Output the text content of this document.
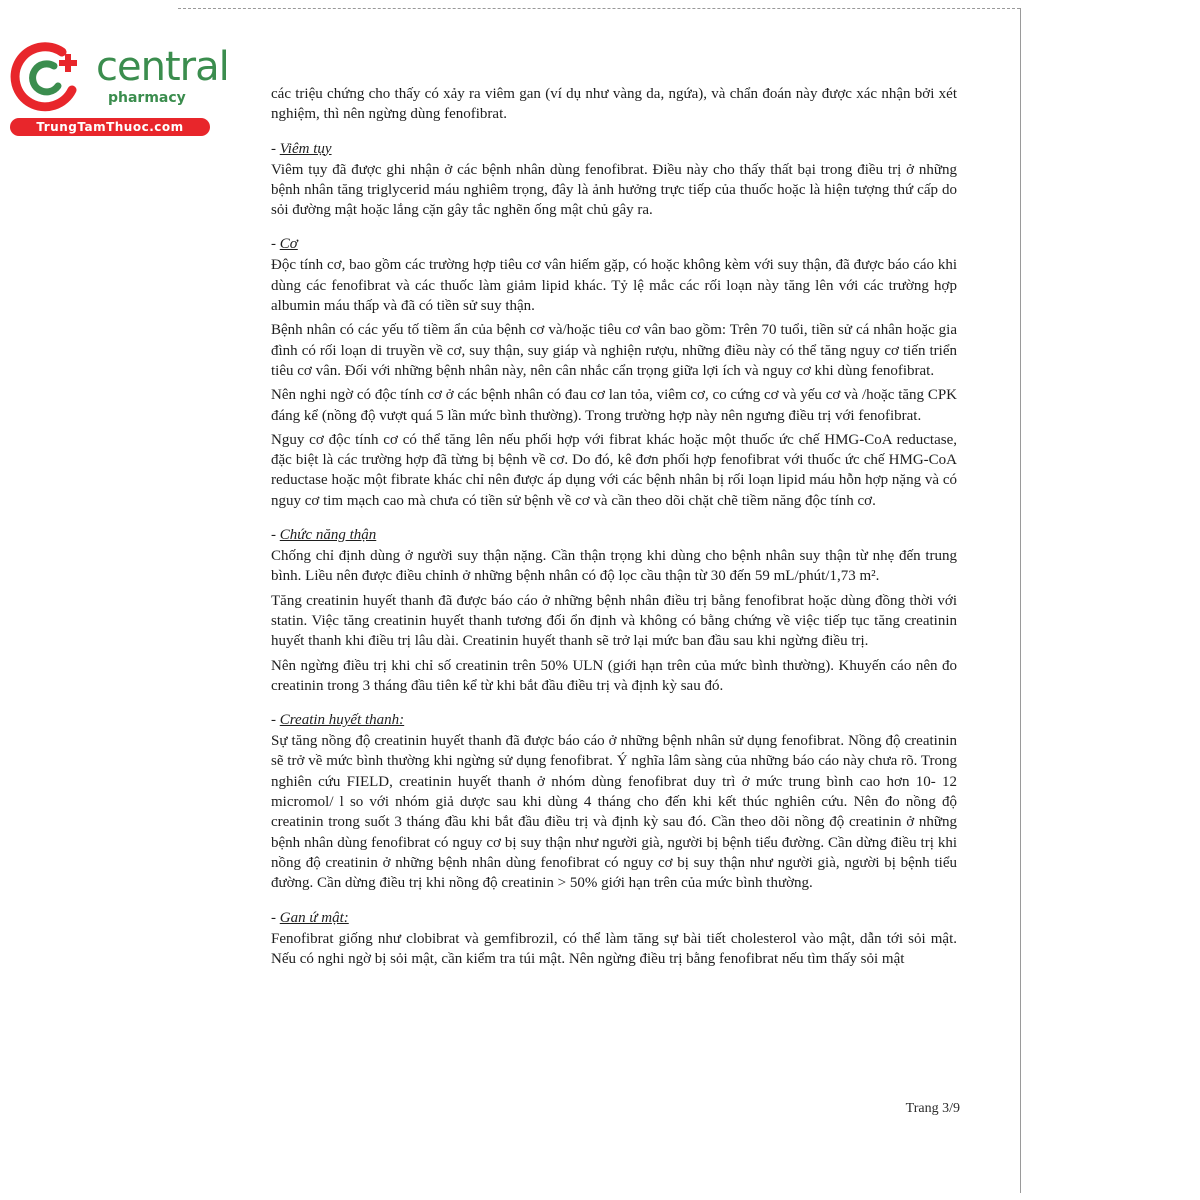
central
pharmacy
TrungTamThuoc.com

các triệu chứng cho thấy có xảy ra viêm gan (ví dụ như vàng da, ngứa), và chẩn đoán này được xác nhận bởi xét nghiệm, thì nên ngừng dùng fenofibrat.

- Viêm tụy

Viêm tụy đã được ghi nhận ở các bệnh nhân dùng fenofibrat. Điều này cho thấy thất bại trong điều trị ở những bệnh nhân tăng triglycerid máu nghiêm trọng, đây là ảnh hưởng trực tiếp của thuốc hoặc là hiện tượng thứ cấp do sỏi đường mật hoặc lắng cặn gây tắc nghẽn ống mật chủ gây ra.

- Cơ

Độc tính cơ, bao gồm các trường hợp tiêu cơ vân hiếm gặp, có hoặc không kèm với suy thận, đã được báo cáo khi dùng các fenofibrat và các thuốc làm giảm lipid khác. Tỷ lệ mắc các rối loạn này tăng lên với các trường hợp albumin máu thấp và đã có tiền sử suy thận.

Bệnh nhân có các yếu tố tiềm ẩn của bệnh cơ và/hoặc tiêu cơ vân bao gồm: Trên 70 tuổi, tiền sử cá nhân hoặc gia đình có rối loạn di truyền về cơ, suy thận, suy giáp và nghiện rượu, những điều này có thể tăng nguy cơ tiến triển tiêu cơ vân. Đối với những bệnh nhân này, nên cân nhắc cẩn trọng giữa lợi ích và nguy cơ khi dùng fenofibrat.

Nên nghi ngờ có độc tính cơ ở các bệnh nhân có đau cơ lan tỏa, viêm cơ, co cứng cơ và yếu cơ và /hoặc tăng CPK đáng kể (nồng độ vượt quá 5 lần mức bình thường). Trong trường hợp này nên ngưng điều trị với fenofibrat.

Nguy cơ độc tính cơ có thể tăng lên nếu phối hợp với fibrat khác hoặc một thuốc ức chế HMG-CoA reductase, đặc biệt là các trường hợp đã từng bị bệnh về cơ. Do đó, kê đơn phối hợp fenofibrat với thuốc ức chế HMG-CoA reductase hoặc một fibrate khác chỉ nên được áp dụng với các bệnh nhân bị rối loạn lipid máu hỗn hợp nặng và có nguy cơ tim mạch cao mà chưa có tiền sử bệnh về cơ và cần theo dõi chặt chẽ tiềm năng độc tính cơ.

- Chức năng thận

Chống chỉ định dùng ở người suy thận nặng. Cần thận trọng khi dùng cho bệnh nhân suy thận từ nhẹ đến trung bình. Liều nên được điều chỉnh ở những bệnh nhân có độ lọc cầu thận từ 30 đến 59 mL/phút/1,73 m².

Tăng creatinin huyết thanh đã được báo cáo ở những bệnh nhân điều trị bằng fenofibrat hoặc dùng đồng thời với statin. Việc tăng creatinin huyết thanh tương đối ổn định và không có bằng chứng về việc tiếp tục tăng creatinin huyết thanh khi điều trị lâu dài. Creatinin huyết thanh sẽ trở lại mức ban đầu sau khi ngừng điều trị.

Nên ngừng điều trị khi chỉ số creatinin trên 50% ULN (giới hạn trên của mức bình thường). Khuyến cáo nên đo creatinin trong 3 tháng đầu tiên kể từ khi bắt đầu điều trị và định kỳ sau đó.

- Creatin huyết thanh:

Sự tăng nồng độ creatinin huyết thanh đã được báo cáo ở những bệnh nhân sử dụng fenofibrat. Nồng độ creatinin sẽ trở về mức bình thường khi ngừng sử dụng fenofibrat. Ý nghĩa lâm sàng của những báo cáo này chưa rõ. Trong nghiên cứu FIELD, creatinin huyết thanh ở nhóm dùng fenofibrat duy trì ở mức trung bình cao hơn 10- 12 micromol/ l so với nhóm giả dược sau khi dùng 4 tháng cho đến khi kết thúc nghiên cứu. Nên đo nồng độ creatinin trong suốt 3 tháng đầu khi bắt đầu điều trị và định kỳ sau đó. Cần theo dõi nồng độ creatinin ở những bệnh nhân dùng fenofibrat có nguy cơ bị suy thận như người già, người bị bệnh tiểu đường. Cần dừng điều trị khi nồng độ creatinin ở những bệnh nhân dùng fenofibrat có nguy cơ bị suy thận như người già, người bị bệnh tiểu đường. Cần dừng điều trị khi nồng độ creatinin > 50% giới hạn trên của mức bình thường.

- Gan ứ mật:

Fenofibrat giống như clobibrat và gemfibrozil, có thể làm tăng sự bài tiết cholesterol vào mật, dẫn tới sỏi mật. Nếu có nghi ngờ bị sỏi mật, cần kiểm tra túi mật. Nên ngừng điều trị bằng fenofibrat nếu tìm thấy sỏi mật

Trang 3/9
